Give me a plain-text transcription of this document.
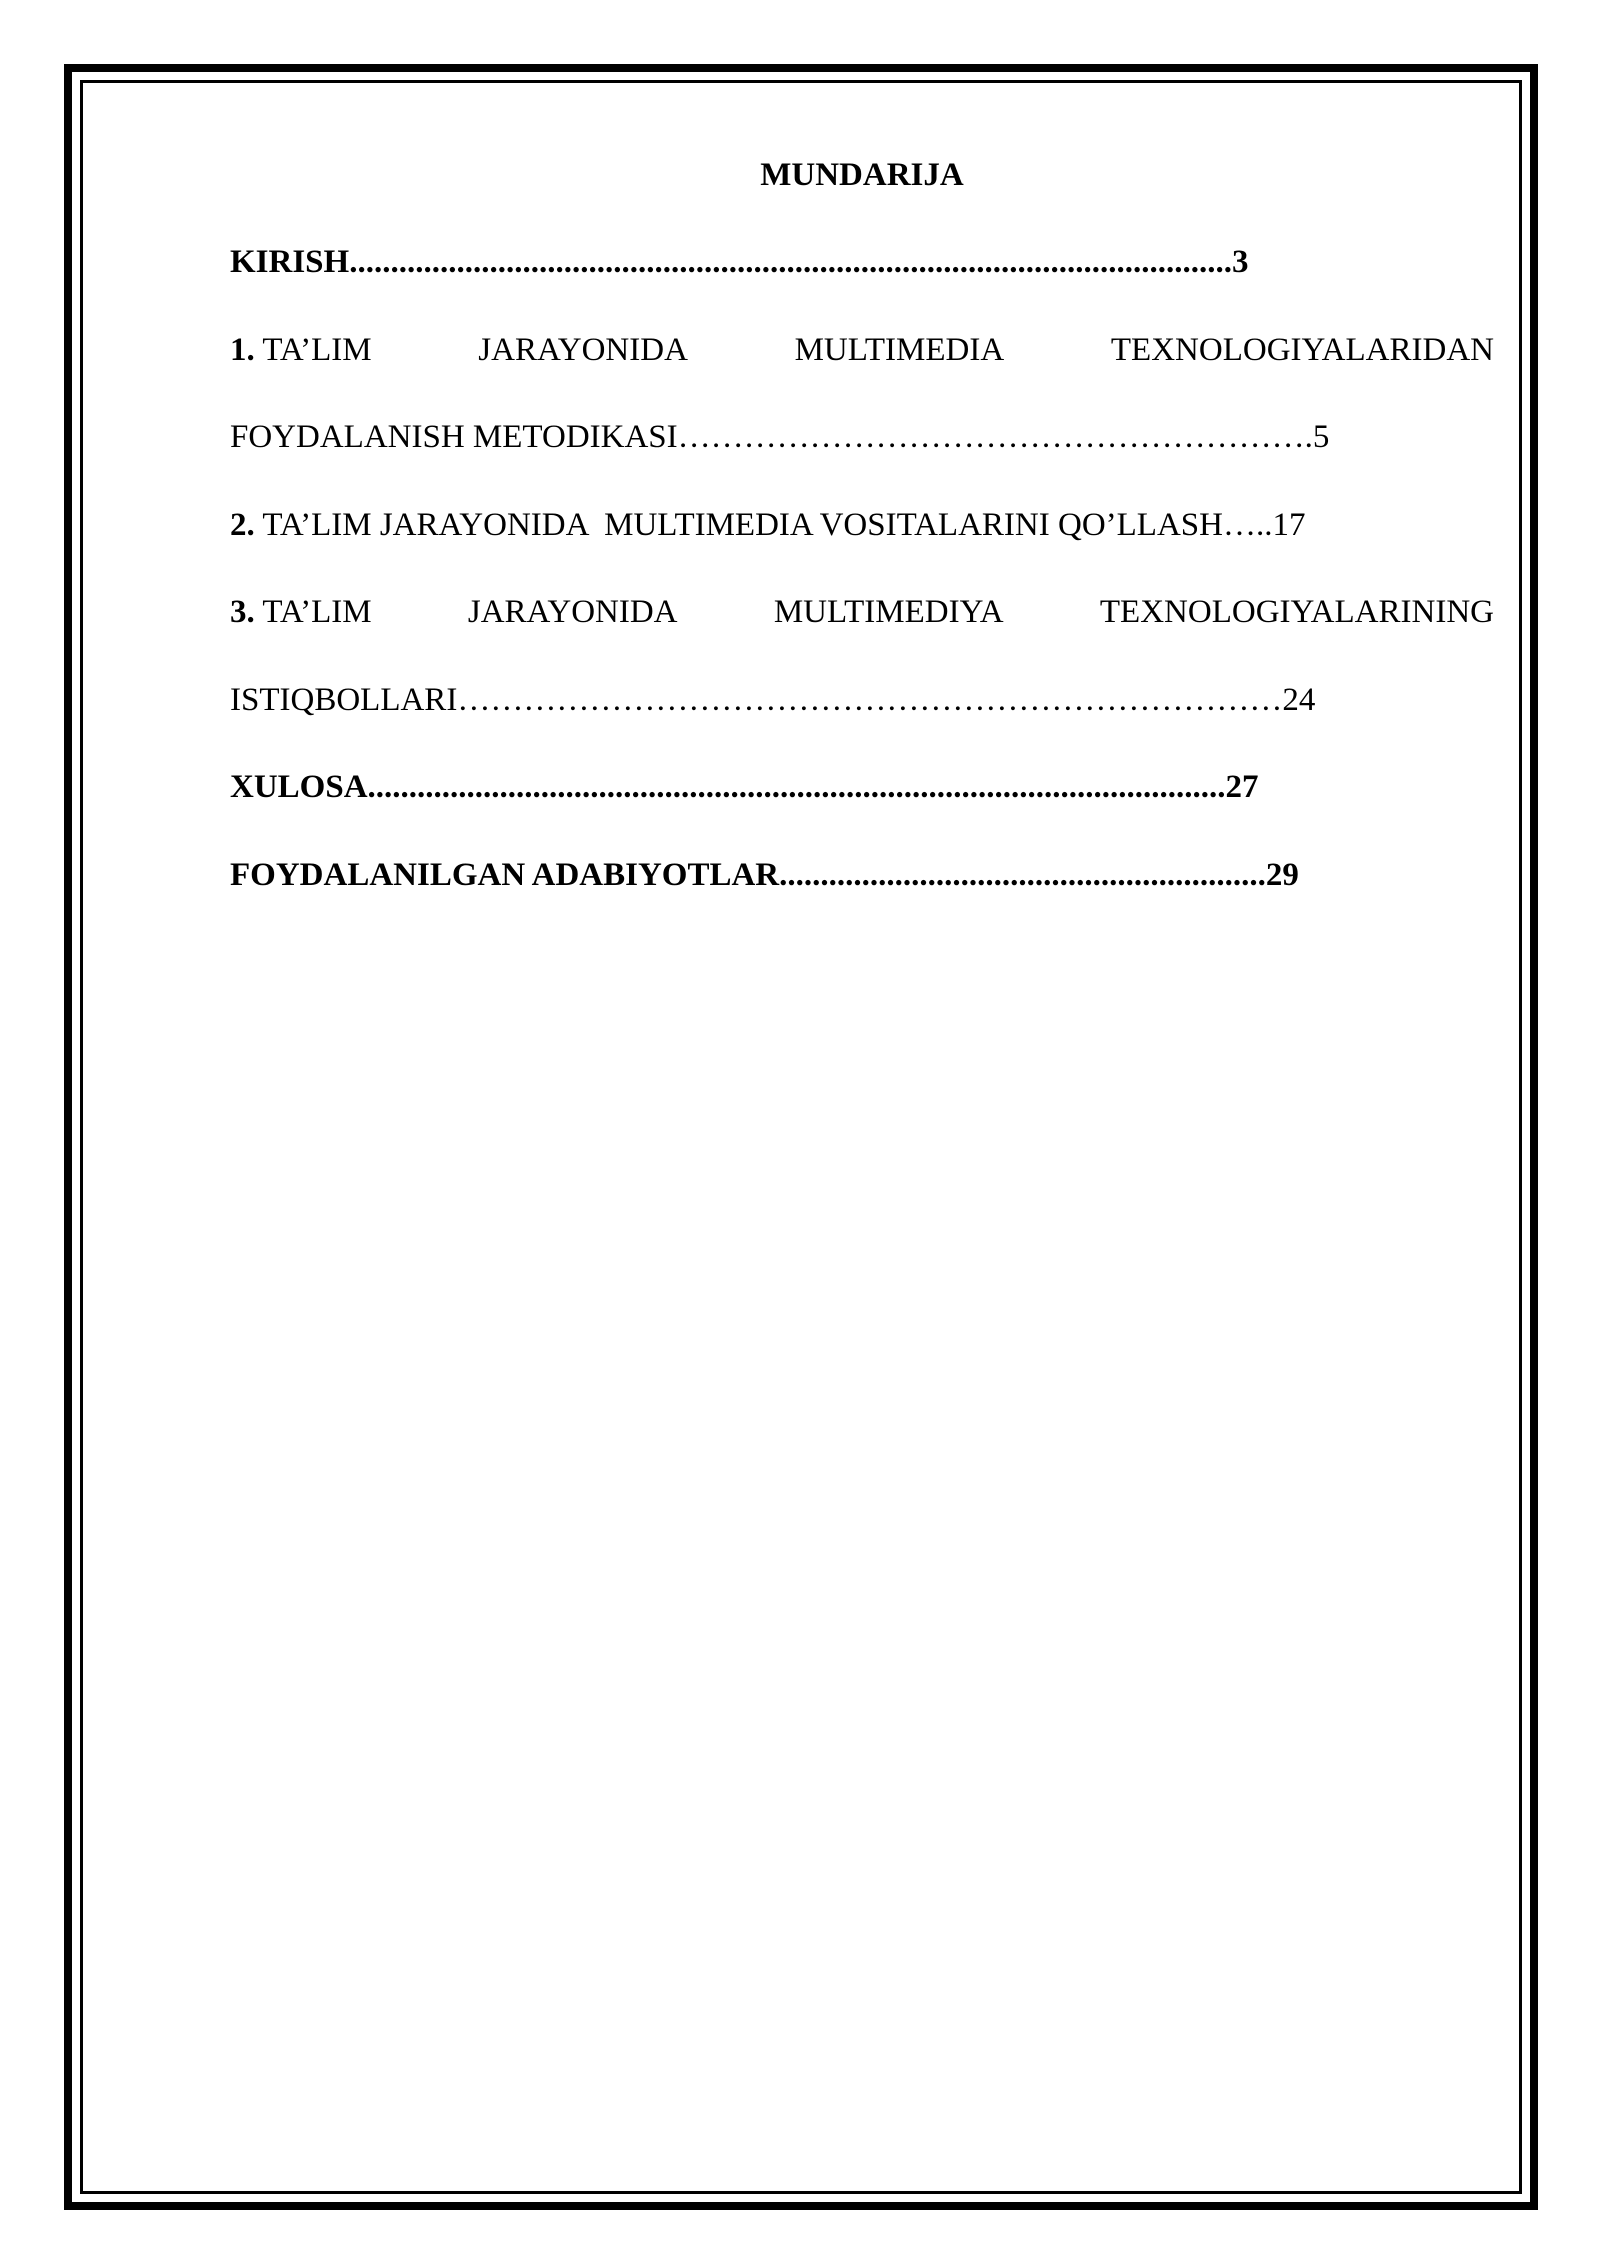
MUNDARIJA
KIRISH...........................................................................................................3
1. TA’LIM	JARAYONIDA	MULTIMEDIA	TEXNOLOGIYALARIDAN
FOYDALANISH METODIKASI………………………………………………….5
2. TA’LIM JARAYONIDA  MULTIMEDIA VOSITALARINI QO’LLASH…..17
3. TA’LIM	JARAYONIDA	MULTIMEDIYA	TEXNOLOGIYALARINING
ISTIQBOLLARI…………………………………………………………………24
XULOSA........................................................................................................27
FOYDALANILGAN ADABIYOTLAR...........................................................29
